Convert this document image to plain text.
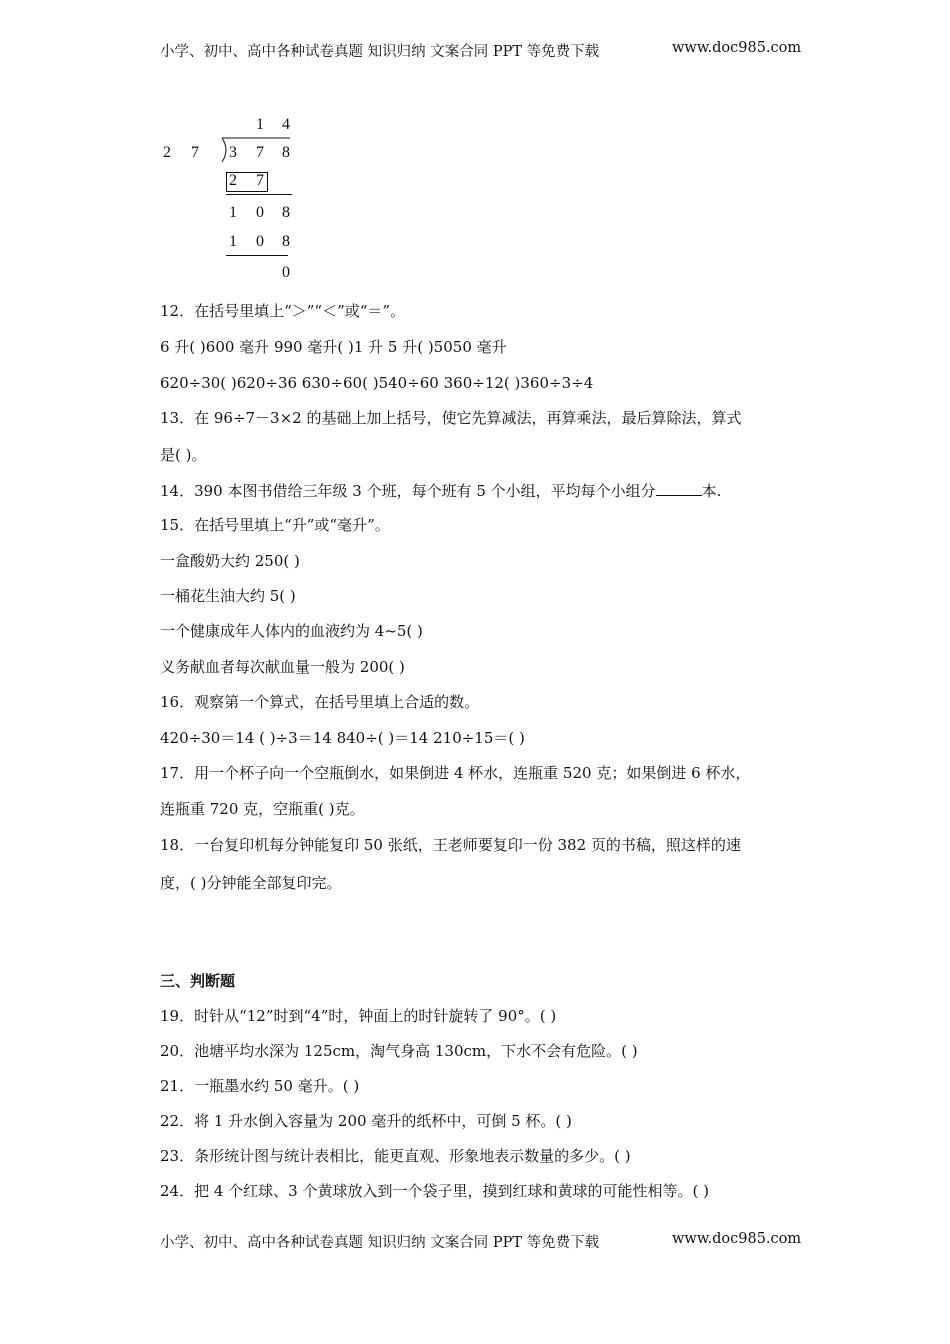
小学、初中、高中各种试卷真题 知识归纳 文案合同 PPT 等免费下载	www.doc985.com
1 4
2 7 3 7 8
2 7
1 0 8
1 0 8
0
12．在括号里填上“＞”“＜”或“＝”。
6 升( )600 毫升 990 毫升( )1 升 5 升( )5050 毫升
620÷30( )620÷36 630÷60( )540÷60 360÷12( )360÷3÷4
13．在 96÷7－3×2 的基础上加上括号，使它先算减法，再算乘法，最后算除法，算式
是( )。
14．390 本图书借给三年级 3 个班，每个班有 5 个小组，平均每个小组分	本.
15．在括号里填上“升”或“毫升”。
一盒酸奶大约 250( )
一桶花生油大约 5( )
一个健康成年人体内的血液约为 4~5( )
义务献血者每次献血量一般为 200( )
16．观察第一个算式，在括号里填上合适的数。
420÷30＝14 ( )÷3＝14 840÷( )＝14 210÷15＝( )
17．用一个杯子向一个空瓶倒水，如果倒进 4 杯水，连瓶重 520 克；如果倒进 6 杯水，
连瓶重 720 克，空瓶重( )克。
18．一台复印机每分钟能复印 50 张纸，王老师要复印一份 382 页的书稿，照这样的速
度，( )分钟能全部复印完。
三、判断题
19．时针从“12”时到“4”时，钟面上的时针旋转了 90°。( )
20．池塘平均水深为 125cm，淘气身高 130cm，下水不会有危险。( )
21．一瓶墨水约 50 毫升。( )
22．将 1 升水倒入容量为 200 毫升的纸杯中，可倒 5 杯。( )
23．条形统计图与统计表相比，能更直观、形象地表示数量的多少。( )
24．把 4 个红球、3 个黄球放入到一个袋子里，摸到红球和黄球的可能性相等。( )
小学、初中、高中各种试卷真题 知识归纳 文案合同 PPT 等免费下载	www.doc985.com
